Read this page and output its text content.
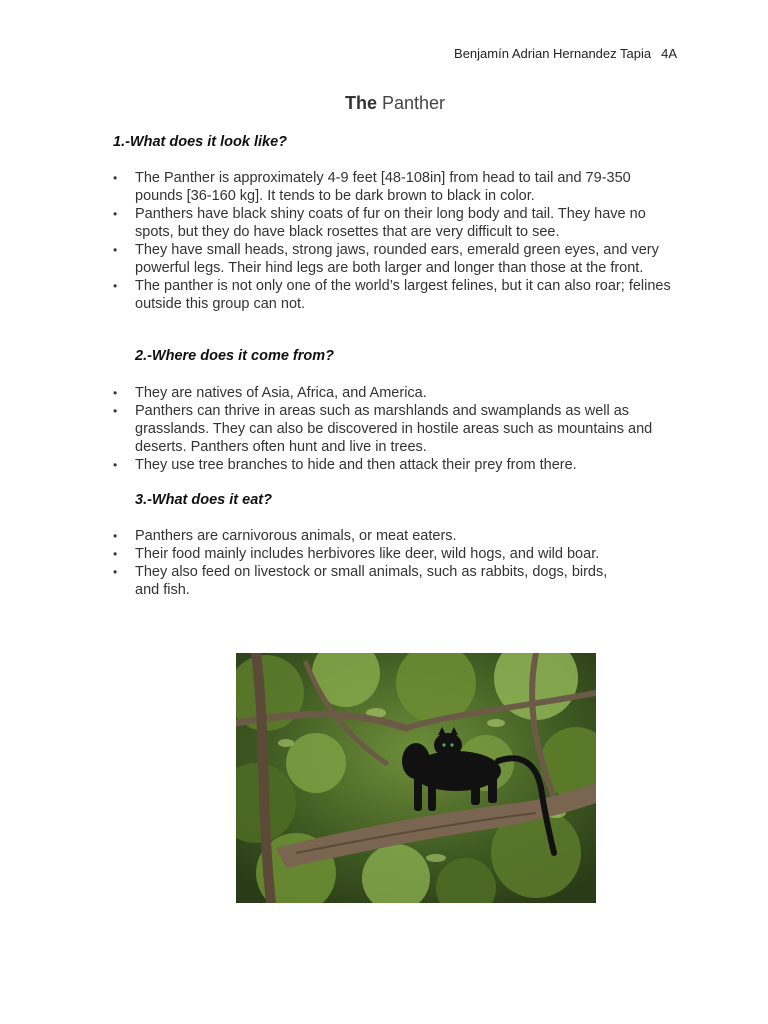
Benjamín Adrian Hernandez Tapia 4A
The Panther
1.-What does it look like?
• The Panther is approximately 4-9 feet [48-108in] from head to tail and 79-350 pounds [36-160 kg]. It tends to be dark brown to black in color.
• Panthers have black shiny coats of fur on their long body and tail. They have no spots, but they do have black rosettes that are very difficult to see.
• They have small heads, strong jaws, rounded ears, emerald green eyes, and very powerful legs. Their hind legs are both larger and longer than those at the front.
• The panther is not only one of the world’s largest felines, but it can also roar; felines outside this group can not.
2.-Where does it come from?
• They are natives of Asia, Africa, and America.
• Panthers can thrive in areas such as marshlands and swamplands as well as grasslands. They can also be discovered in hostile areas such as mountains and deserts. Panthers often hunt and live in trees.
• They use tree branches to hide and then attack their prey from there.
3.-What does it eat?
• Panthers are carnivorous animals, or meat eaters.
• Their food mainly includes herbivores like deer, wild hogs, and wild boar.
• They also feed on livestock or small animals, such as rabbits, dogs, birds, and fish.
